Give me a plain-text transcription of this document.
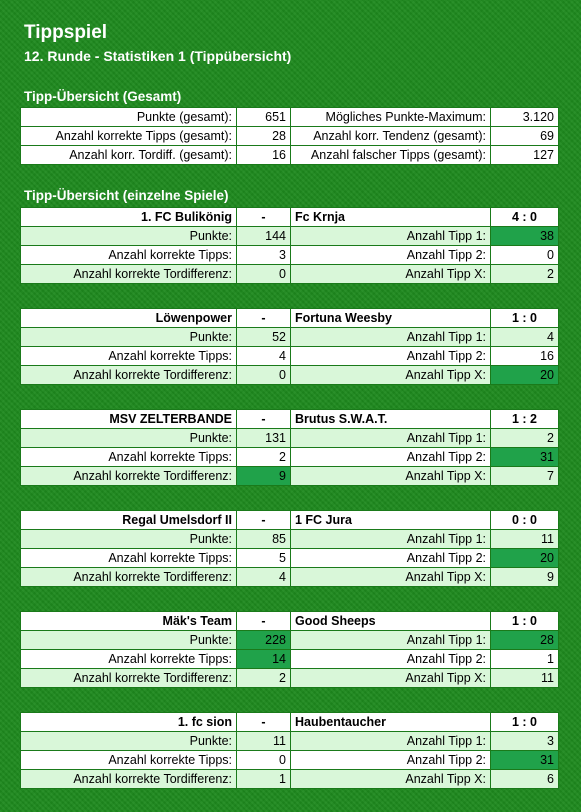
Tippspiel
12. Runde - Statistiken 1 (Tippübersicht)
Tipp-Übersicht (Gesamt)
Punkte (gesamt):	651	Mögliches Punkte-Maximum:	3.120
Anzahl korrekte Tipps (gesamt):	28	Anzahl korr. Tendenz (gesamt):	69
Anzahl korr. Tordiff. (gesamt):	16	Anzahl falscher Tipps (gesamt):	127
Tipp-Übersicht (einzelne Spiele)
1. FC Bulikönig	-	Fc Krnja	4 : 0
Punkte:	144	Anzahl Tipp 1:	38
Anzahl korrekte Tipps:	3	Anzahl Tipp 2:	0
Anzahl korrekte Tordifferenz:	0	Anzahl Tipp X:	2
Löwenpower	-	Fortuna Weesby	1 : 0
Punkte:	52	Anzahl Tipp 1:	4
Anzahl korrekte Tipps:	4	Anzahl Tipp 2:	16
Anzahl korrekte Tordifferenz:	0	Anzahl Tipp X:	20
MSV ZELTERBANDE	-	Brutus S.W.A.T.	1 : 2
Punkte:	131	Anzahl Tipp 1:	2
Anzahl korrekte Tipps:	2	Anzahl Tipp 2:	31
Anzahl korrekte Tordifferenz:	9	Anzahl Tipp X:	7
Regal Umelsdorf II	-	1 FC Jura	0 : 0
Punkte:	85	Anzahl Tipp 1:	11
Anzahl korrekte Tipps:	5	Anzahl Tipp 2:	20
Anzahl korrekte Tordifferenz:	4	Anzahl Tipp X:	9
Mäk's Team	-	Good Sheeps	1 : 0
Punkte:	228	Anzahl Tipp 1:	28
Anzahl korrekte Tipps:	14	Anzahl Tipp 2:	1
Anzahl korrekte Tordifferenz:	2	Anzahl Tipp X:	11
1. fc sion	-	Haubentaucher	1 : 0
Punkte:	11	Anzahl Tipp 1:	3
Anzahl korrekte Tipps:	0	Anzahl Tipp 2:	31
Anzahl korrekte Tordifferenz:	1	Anzahl Tipp X:	6
